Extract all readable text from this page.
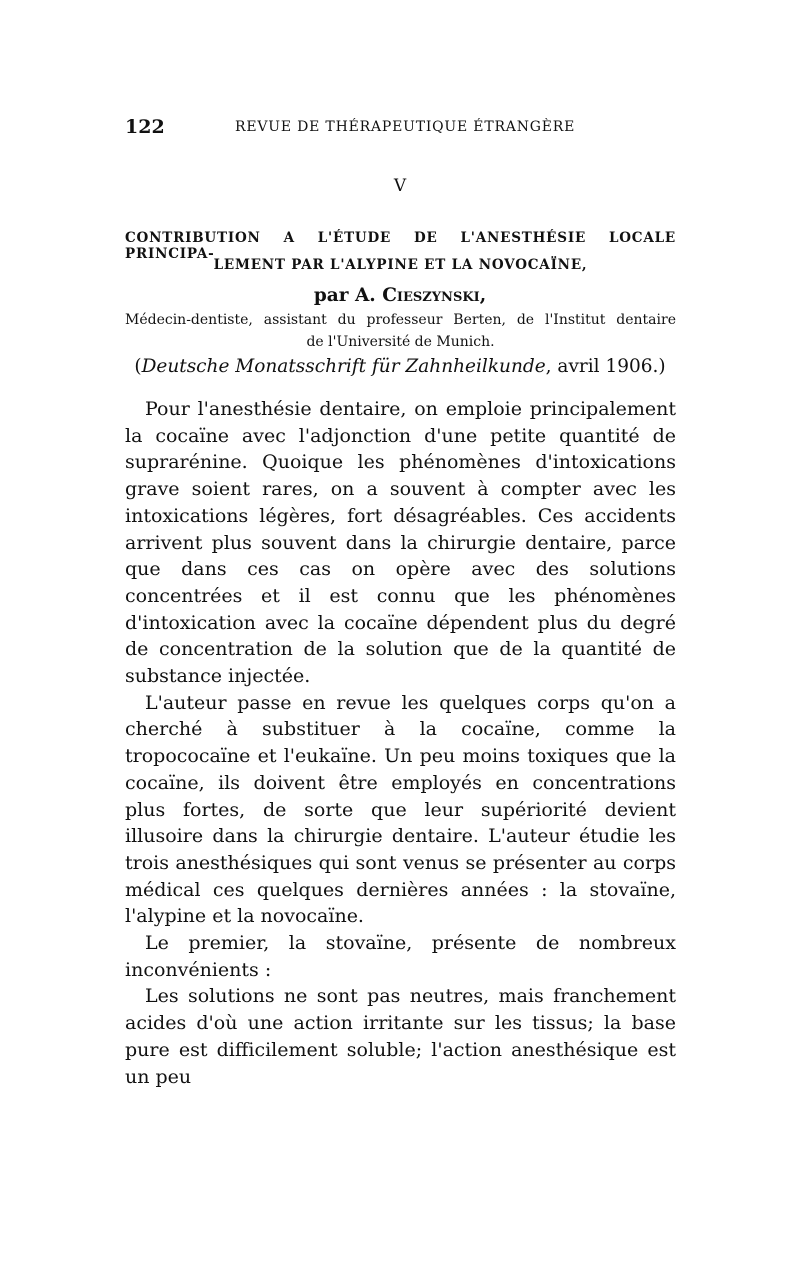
122	REVUE DE THÉRAPEUTIQUE ÉTRANGÈRE
V
CONTRIBUTION A L'ÉTUDE DE L'ANESTHÉSIE LOCALE PRINCIPA-
LEMENT PAR L'ALYPINE ET LA NOVOCAÏNE,
par A. Cieszynski,
Médecin-dentiste, assistant du professeur Berten, de l'Institut dentaire
de l'Université de Munich.
(Deutsche Monatsschrift für Zahnheilkunde, avril 1906.)

Pour l'anesthésie dentaire, on emploie principalement la cocaïne avec l'adjonction d'une petite quantité de suprarénine. Quoique les phénomènes d'intoxications grave soient rares, on a souvent à compter avec les intoxications légères, fort désagréables. Ces accidents arrivent plus souvent dans la chirurgie dentaire, parce que dans ces cas on opère avec des solutions concentrées et il est connu que les phénomènes d'intoxication avec la cocaïne dépendent plus du degré de concentration de la solution que de la quantité de substance injectée.

L'auteur passe en revue les quelques corps qu'on a cherché à substituer à la cocaïne, comme la tropococaïne et l'eukaïne. Un peu moins toxiques que la cocaïne, ils doivent être employés en concentrations plus fortes, de sorte que leur supériorité devient illusoire dans la chirurgie dentaire. L'auteur étudie les trois anesthésiques qui sont venus se présenter au corps médical ces quelques dernières années : la stovaïne, l'alypine et la novocaïne.

Le premier, la stovaïne, présente de nombreux inconvénients :

Les solutions ne sont pas neutres, mais franchement acides d'où une action irritante sur les tissus; la base pure est difficilement soluble; l'action anesthésique est un peu
